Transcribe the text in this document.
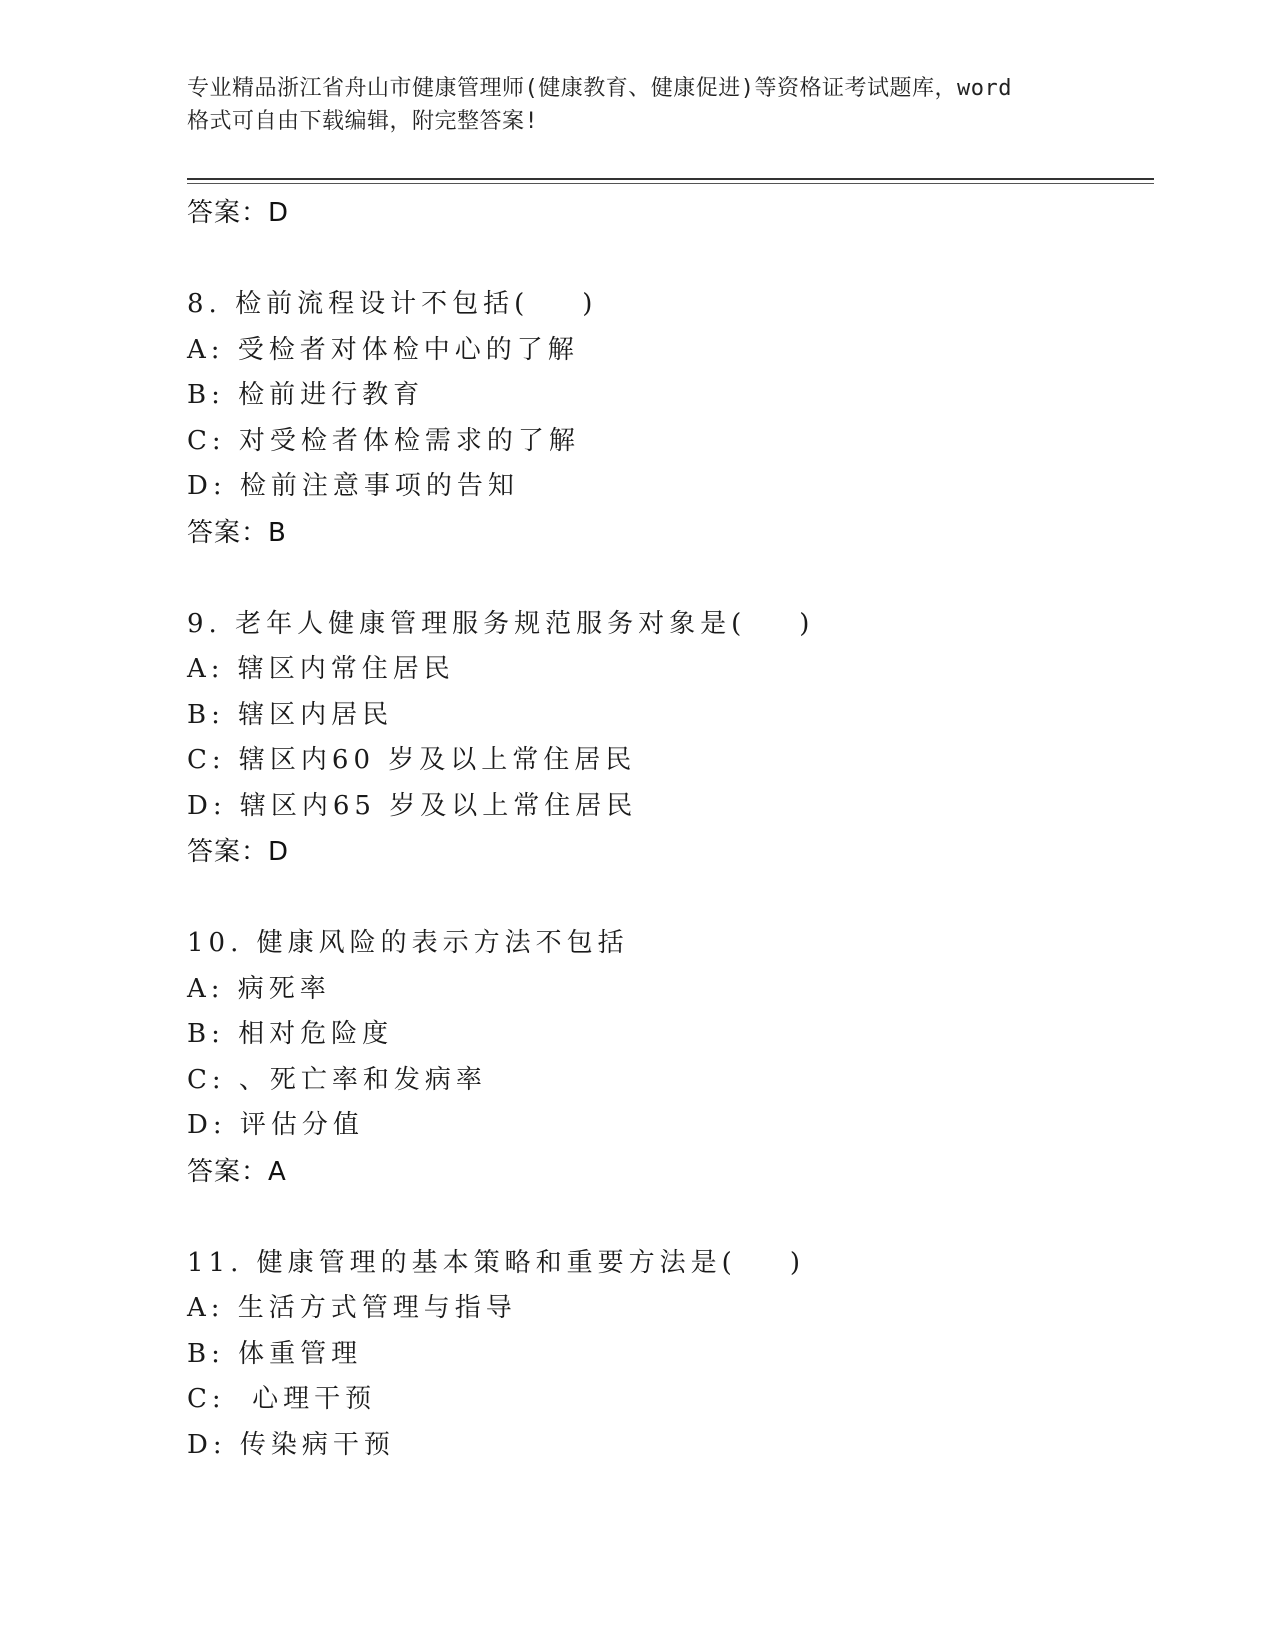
专业精品浙江省舟山市健康管理师(健康教育、健康促进)等资格证考试题库，word
格式可自由下载编辑，附完整答案!
答案：D
8. 检前流程设计不包括(    )
A: 受检者对体检中心的了解
B: 检前进行教育
C: 对受检者体检需求的了解
D: 检前注意事项的告知
答案：B
9. 老年人健康管理服务规范服务对象是(    )
A: 辖区内常住居民
B: 辖区内居民
C: 辖区内60 岁及以上常住居民
D: 辖区内65 岁及以上常住居民
答案：D
10. 健康风险的表示方法不包括
A: 病死率
B: 相对危险度
C: 、死亡率和发病率
D: 评估分值
答案：A
11. 健康管理的基本策略和重要方法是(    )
A: 生活方式管理与指导
B: 体重管理
C:  心理干预
D: 传染病干预
